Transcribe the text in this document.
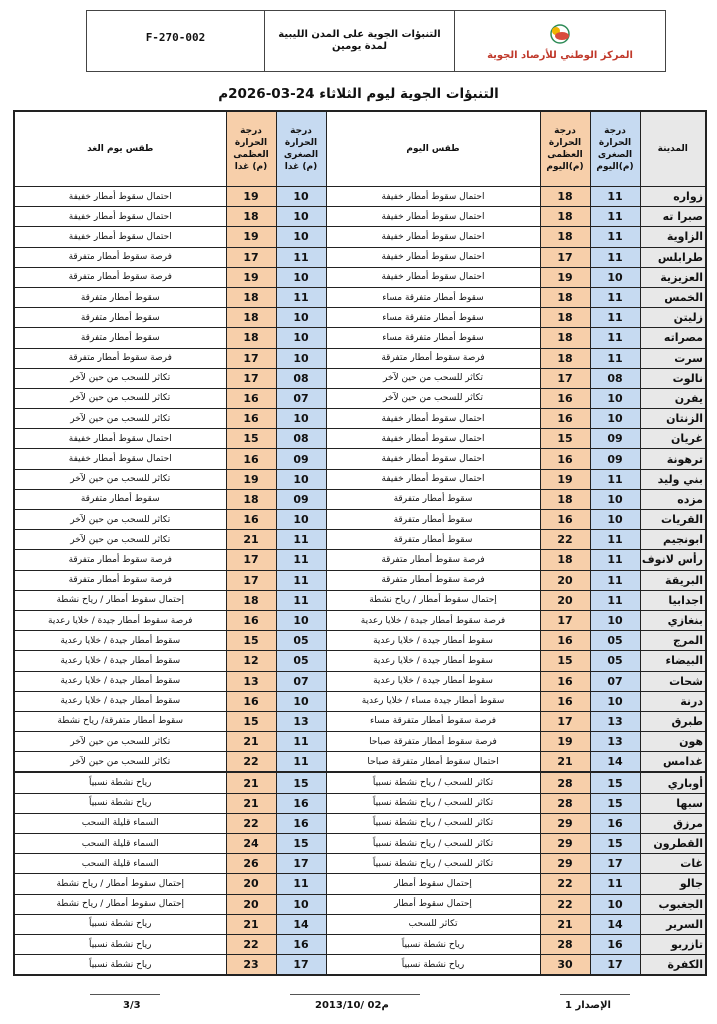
F-270-002	التنبؤات الجوية على المدن الليبية
لمدة يومين
المركز الوطني للأرصاد الجوية
التنبؤات الجوية ليوم الثلاثاء 24-03-2026م
المدينة	درجة الحرارة الصغرى (م)اليوم	درجة الحرارة العظمى (م)اليوم	طقس اليوم	درجة الحرارة الصغرى (م) غدا	درجة الحرارة العظمى (م) غدا	طقس يوم الغد
زواره	11	18	احتمال سقوط أمطار خفيفة	10	19	احتمال سقوط أمطار خفيفة
صبرا ته	11	18	احتمال سقوط أمطار خفيفة	10	18	احتمال سقوط أمطار خفيفة
الزاوية	11	18	احتمال سقوط أمطار خفيفة	10	19	احتمال سقوط أمطار خفيفة
طرابلس	11	17	احتمال سقوط أمطار خفيفة	11	17	فرصة سقوط أمطار متفرقة
العزيزية	10	19	احتمال سقوط أمطار خفيفة	10	19	فرصة سقوط أمطار متفرقة
الخمس	11	18	سقوط أمطار متفرقة مساء	11	18	سقوط أمطار متفرقة
زليتن	11	18	سقوط أمطار متفرقة مساء	10	18	سقوط أمطار متفرقة
مصراته	11	18	سقوط أمطار متفرقة مساء	10	18	سقوط أمطار متفرقة
سرت	11	18	فرصة سقوط أمطار متفرقة	10	17	فرصة سقوط أمطار متفرقة
نالوت	08	17	تكاثر للسحب من حين لآخر	08	17	تكاثر للسحب من حين لآخر
يفرن	10	16	تكاثر للسحب من حين لآخر	07	16	تكاثر للسحب من حين لآخر
الزنتان	10	16	احتمال سقوط أمطار خفيفة	10	16	تكاثر للسحب من حين لآخر
غريان	09	15	احتمال سقوط أمطار خفيفة	08	15	احتمال سقوط أمطار خفيفة
ترهونة	09	16	احتمال سقوط أمطار خفيفة	09	16	احتمال سقوط أمطار خفيفة
بني وليد	11	19	احتمال سقوط أمطار خفيفة	10	19	تكاثر للسحب من حين لآخر
مزده	10	18	سقوط أمطار متفرقة	09	18	سقوط أمطار متفرقة
القريات	10	16	سقوط أمطار متفرقة	10	16	تكاثر للسحب من حين لآخر
ابونجيم	11	22	سقوط أمطار متفرقة	11	21	تكاثر للسحب من حين لآخر
رأس لانوف	11	18	فرصة سقوط أمطار متفرقة	11	17	فرصة سقوط أمطار متفرقة
البريقة	11	20	فرصة سقوط أمطار متفرقة	11	17	فرصة سقوط أمطار متفرقة
اجدابيا	11	20	إحتمال سقوط أمطار / رياح نشطة	11	18	إحتمال سقوط أمطار / رياح نشطة
بنغازي	10	17	فرصة سقوط أمطار جيدة / خلايا رعدية	10	16	فرصة سقوط أمطار جيدة / خلايا رعدية
المرج	05	16	سقوط أمطار جيدة / خلايا رعدية	05	15	سقوط أمطار جيدة / خلايا رعدية
البيضاء	05	15	سقوط أمطار جيدة / خلايا رعدية	05	12	سقوط أمطار جيدة / خلايا رعدية
شحات	07	16	سقوط أمطار جيدة / خلايا رعدية	07	13	سقوط أمطار جيدة / خلايا رعدية
درنة	10	16	سقوط أمطار جيدة مساء / خلايا رعدية	10	16	سقوط أمطار جيدة / خلايا رعدية
طبرق	13	17	فرصة سقوط أمطار متفرقة مساء	13	15	سقوط أمطار متفرقة/ رياح نشطة
هون	13	19	فرصة سقوط أمطار متفرقة صباحا	11	21	تكاثر للسحب من حين لآخر
غدامس	14	21	احتمال سقوط أمطار متفرقة صباحا	11	22	تكاثر للسحب من حين لآخر
أوباري	15	28	تكاثر للسحب / رياح نشطة نسبياً	15	21	رياح نشطة نسبياً
سبها	15	28	تكاثر للسحب / رياح نشطة نسبياً	16	21	رياح نشطة نسبياً
مرزق	16	29	تكاثر للسحب / رياح نشطة نسبياً	16	22	السماء قليلة السحب
القطرون	15	29	تكاثر للسحب / رياح نشطة نسبياً	15	24	السماء قليلة السحب
غات	17	29	تكاثر للسحب / رياح نشطة نسبياً	17	26	السماء قليلة السحب
جالو	11	22	إحتمال سقوط أمطار	11	20	إحتمال سقوط أمطار / رياح نشطة
الجغبوب	10	22	إحتمال سقوط أمطار	10	20	إحتمال سقوط أمطار / رياح نشطة
السرير	14	21	تكاثر للسحب	14	21	رياح نشطة نسبياً
تازربو	16	28	رياح نشطة نسبياً	16	22	رياح نشطة نسبياً
الكفرة	17	30	رياح نشطة نسبياً	17	23	رياح نشطة نسبياً
الإصدار 1
2013/10/ 02م
3/3
